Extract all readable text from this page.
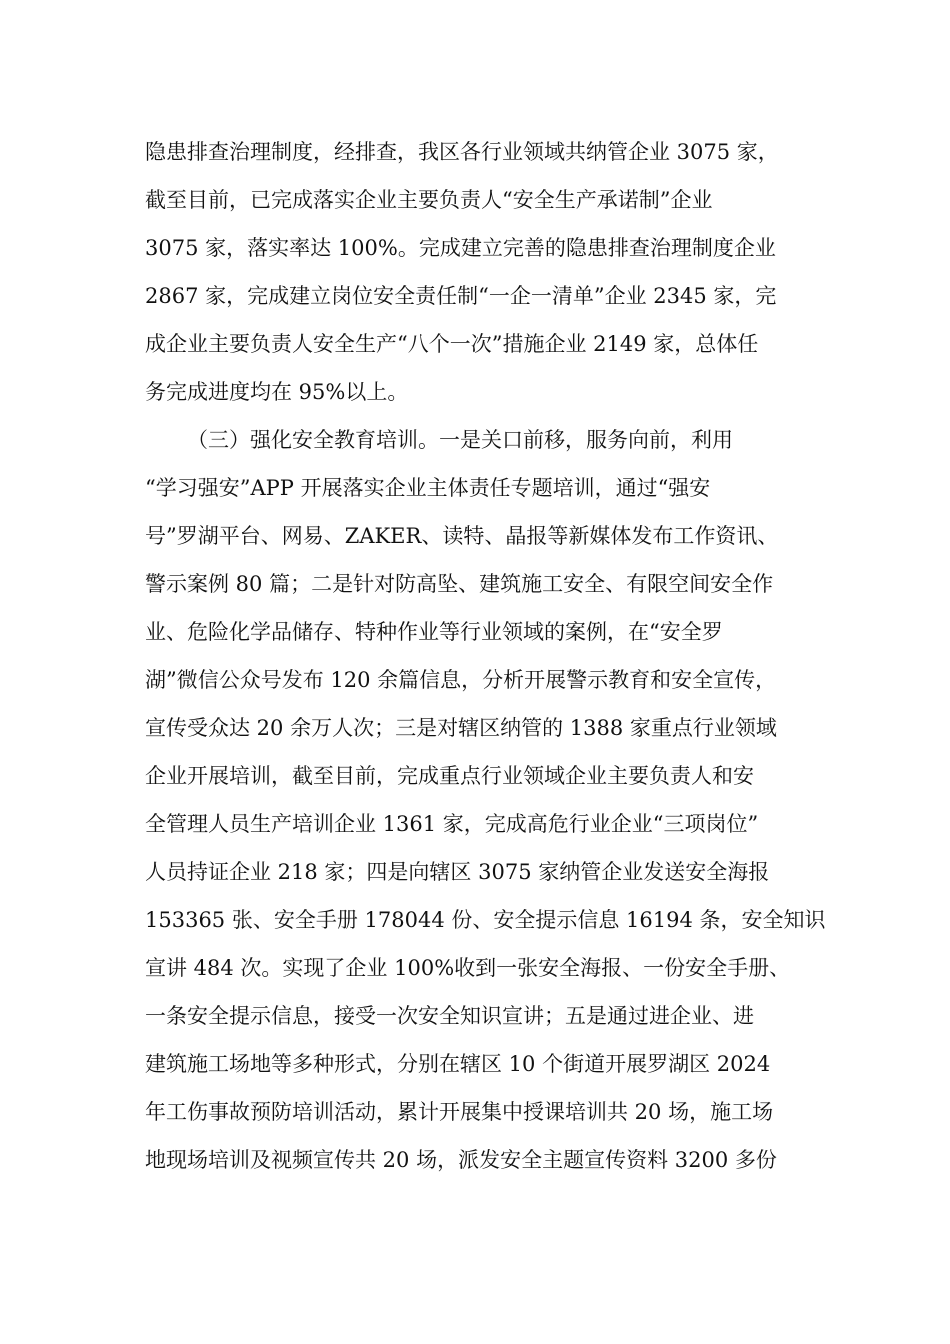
隐患排查治理制度，经排查，我区各行业领域共纳管企业 3075 家，
截至目前，已完成落实企业主要负责人“安全生产承诺制”企业
3075 家，落实率达 100%。完成建立完善的隐患排查治理制度企业
2867 家，完成建立岗位安全责任制“一企一清单”企业 2345 家，完
成企业主要负责人安全生产“八个一次”措施企业 2149 家，总体任
务完成进度均在 95%以上。
（三）强化安全教育培训。一是关口前移，服务向前，利用
“学习强安”APP 开展落实企业主体责任专题培训，通过“强安
号”罗湖平台、网易、ZAKER、读特、晶报等新媒体发布工作资讯、
警示案例 80 篇；二是针对防高坠、建筑施工安全、有限空间安全作
业、危险化学品储存、特种作业等行业领域的案例，在“安全罗
湖”微信公众号发布 120 余篇信息，分析开展警示教育和安全宣传，
宣传受众达 20 余万人次；三是对辖区纳管的 1388 家重点行业领域
企业开展培训，截至目前，完成重点行业领域企业主要负责人和安
全管理人员生产培训企业 1361 家，完成高危行业企业“三项岗位”
人员持证企业 218 家；四是向辖区 3075 家纳管企业发送安全海报
153365 张、安全手册 178044 份、安全提示信息 16194 条，安全知识
宣讲 484 次。实现了企业 100%收到一张安全海报、一份安全手册、
一条安全提示信息，接受一次安全知识宣讲；五是通过进企业、进
建筑施工场地等多种形式，分别在辖区 10 个街道开展罗湖区 2024
年工伤事故预防培训活动，累计开展集中授课培训共 20 场，施工场
地现场培训及视频宣传共 20 场，派发安全主题宣传资料 3200 多份
